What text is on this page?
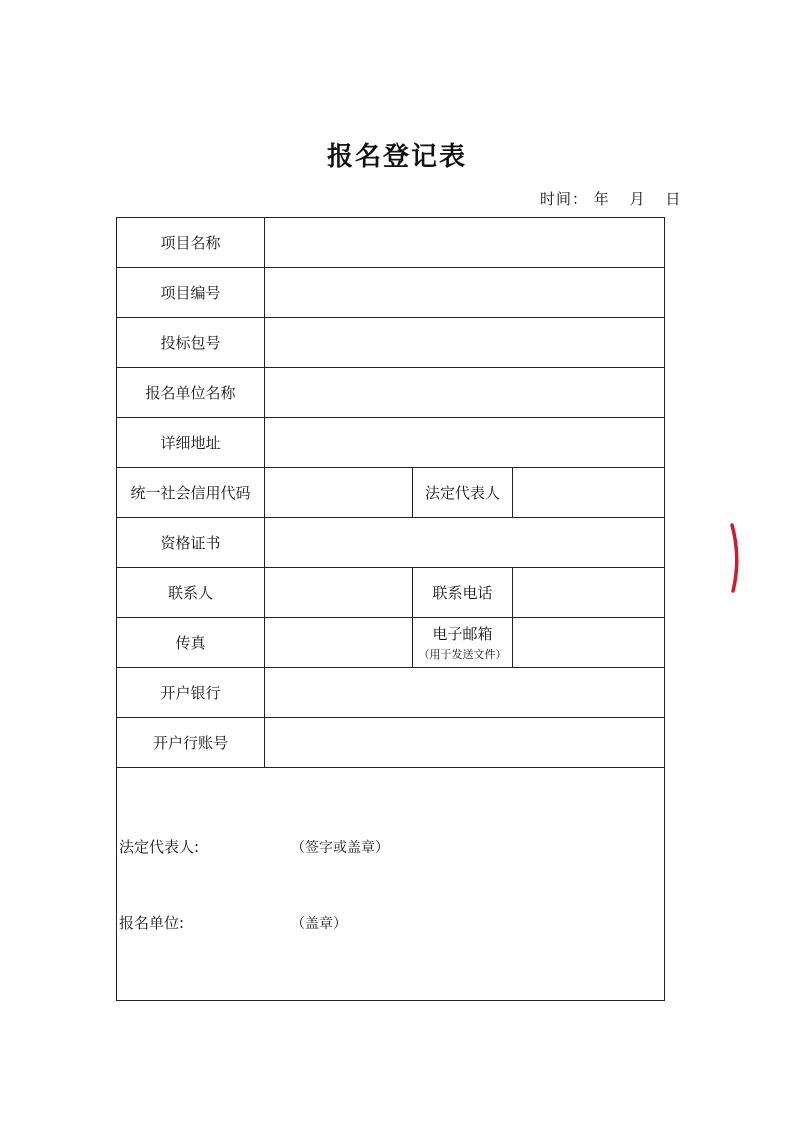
报名登记表
时间： 年 月 日
项目名称			
项目编号			
投标包号			
报名单位名称			
详细地址			
统一社会信用代码		法定代表人	
资格证书			
联系人		联系电话	
传真		电子邮箱
（用于发送文件）	

开户银行			
开户行账号			

法定代表人: （签字或盖章）
报名单位: （盖章）			
